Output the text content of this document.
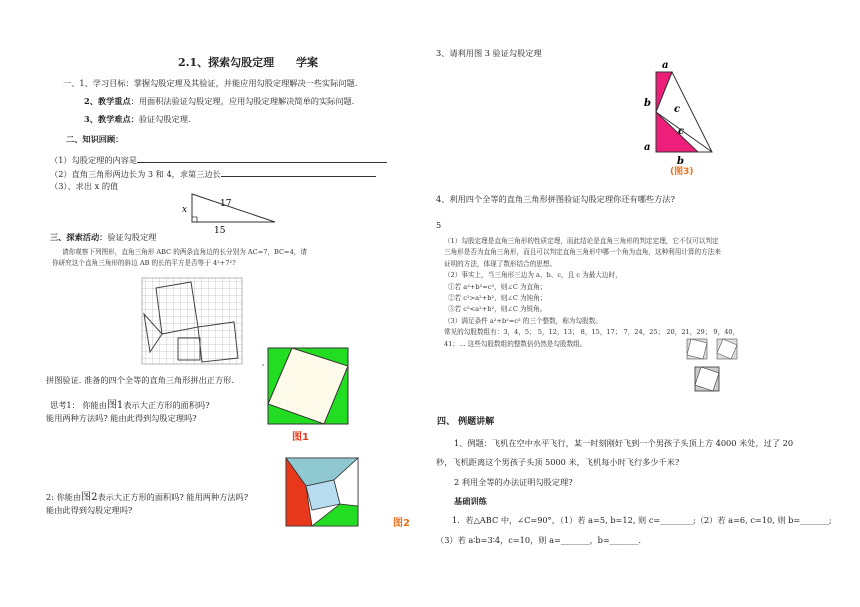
2.1、探索勾股定理 学案
一、1、学习目标：掌握勾股定理及其验证，并能应用勾股定理解决一些实际问题.
2、教学重点：用面积法验证勾股定理，应用勾股定理解决简单的实际问题.
3、教学难点：验证勾股定理.
二、知识回顾：
（1）勾股定理的内容是
（2）直角三角形两边长为 3 和 4，求第三边长
（3）、求出 x 的值
x
17
15
三、探索活动：验证勾股定理
请你观察下列图形，直角三角形 ABC 的两条直角边的长分别为 AC=7，BC=4，请
你研究这个直角三角形的斜边 AB 的长的平方是否等于 4²+7²?
a
拼图验证. 准备的四个全等的直角三角形拼出正方形.
思考1： 你能由图1表示大正方形的面积吗?
能用两种方法吗? 能由此得到勾股定理吗?
图1
2: 你能由图2表示大正方形的面积吗? 能用两种方法吗?
能由此得到勾股定理吗?
图2
3、请利用图 3 验证勾股定理
a
b
c
c
a
b
(图3)
4、利用四个全等的直角三角形拼图验证勾股定理你还有哪些方法?
5
（1）勾股定理是直角三角形的性质定理，而此结论是直角三角形的判定定理，它不仅可以判定
三角形是否为直角三角形，而且可以判定直角三角形中哪一个角为直角，这种利用计算的方法来
证明的方法，体现了数形结合的思想。
（2）事实上，当三角形三边为 a、b、c，且 c 为最大边时，
①若 a²+b²=c²，则∠C 为直角；
②若 c²>a²+b²，则∠C 为钝角；
③若 c²<a²+b²，则∠C 为锐角。
（3）满足条件 a²+b²=c² 的三个整数，称为勾股数。
常见的勾股数组有：3，4，5； 5，12，13； 8，15，17； 7，24，25； 20，21，29； 9，40，
41；… 这些勾股数组的整数倍仍然是勾股数组。
四、 例题讲解
1、例题：飞机在空中水平飞行，某一时刻刚好飞到一个男孩子头顶上方 4000 米处，过了 20
秒，飞机距离这个男孩子头顶 5000 米，飞机每小时飞行多少千米?
2 利用全等的办法证明勾股定理?
基础训练
1．若△ABC 中，∠C=90°，（1）若 a=5, b=12, 则 c=________;（2）若 a=6, c=10, 则 b=_______;
（3）若 a∶b=3∶4，c=10，则 a=_______，b=_______.
